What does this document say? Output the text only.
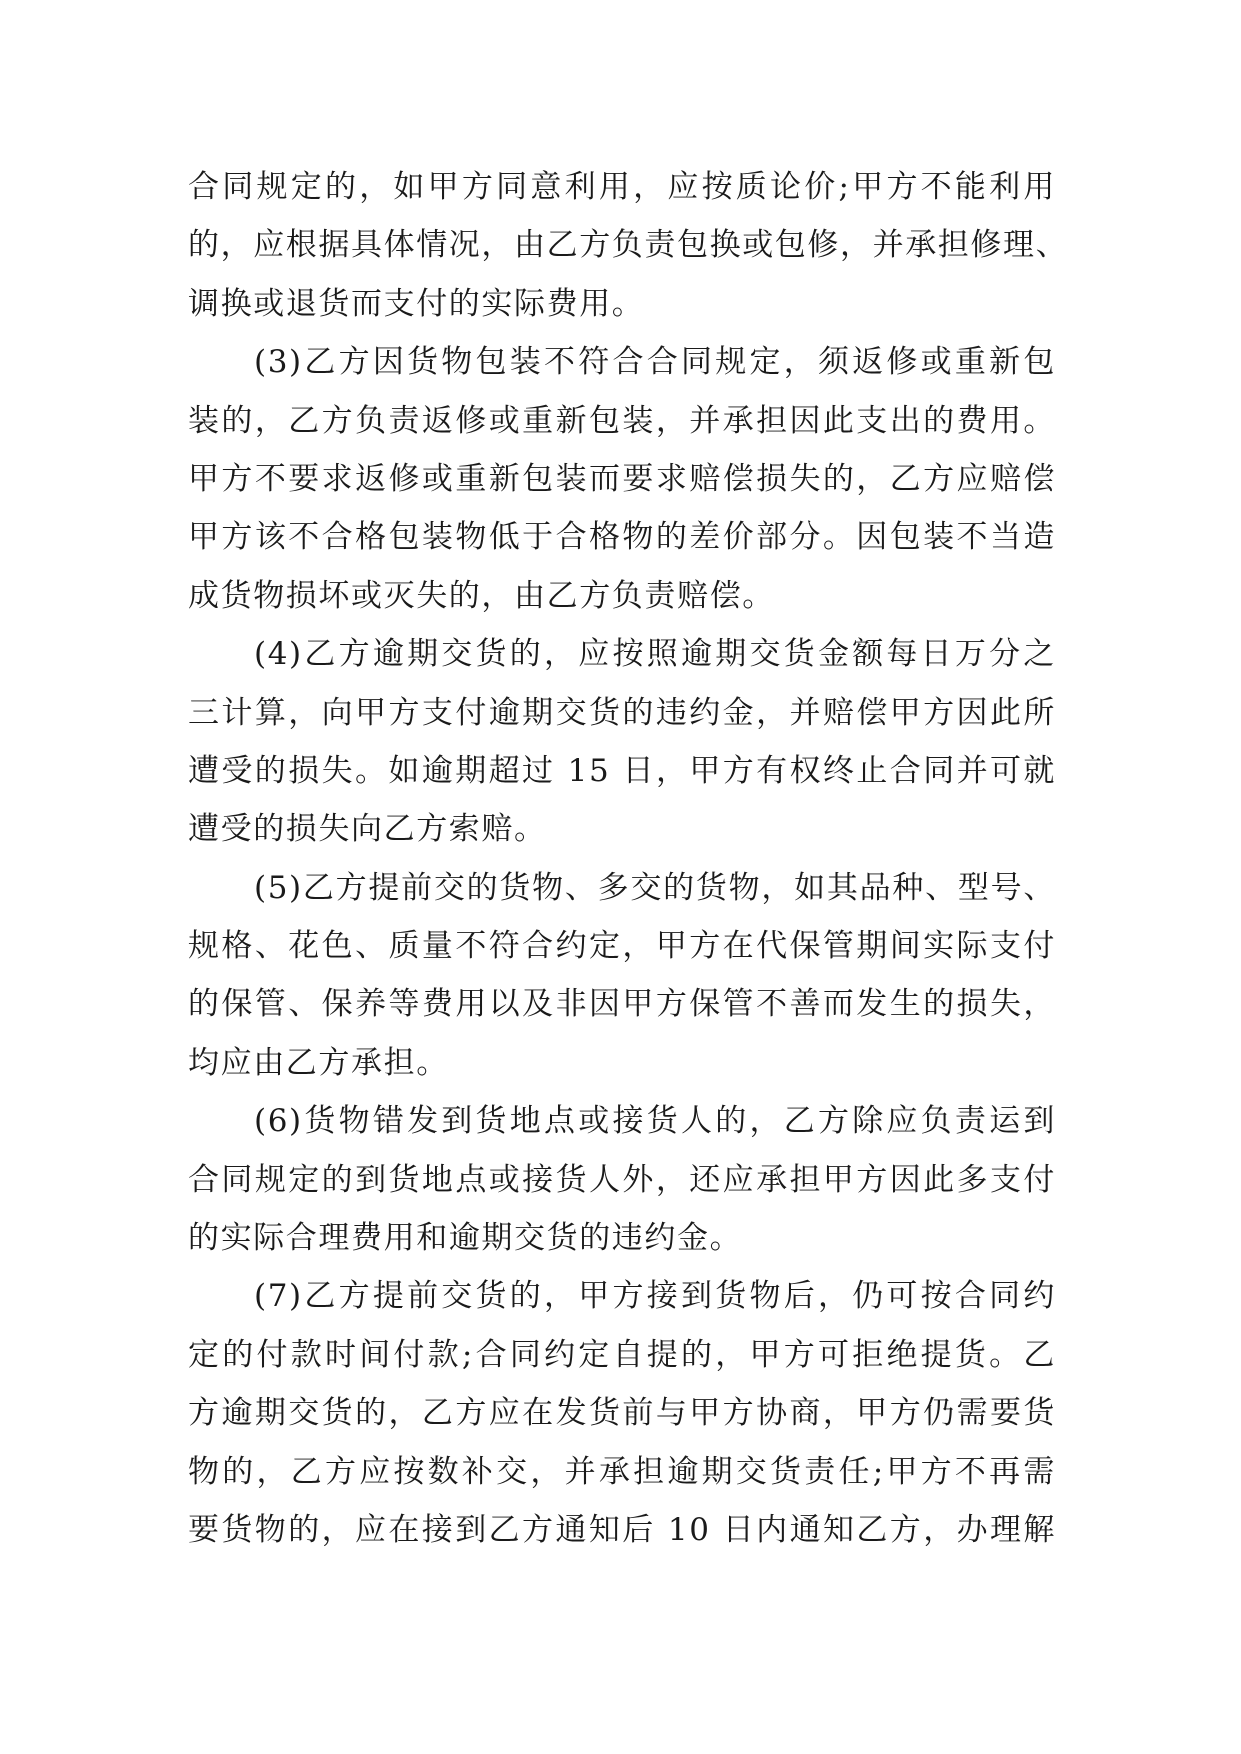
合同规定的，如甲方同意利用，应按质论价;甲方不能利用
的，应根据具体情况，由乙方负责包换或包修，并承担修理、
调换或退货而支付的实际费用。
(3)乙方因货物包装不符合合同规定，须返修或重新包
装的，乙方负责返修或重新包装，并承担因此支出的费用。
甲方不要求返修或重新包装而要求赔偿损失的，乙方应赔偿
甲方该不合格包装物低于合格物的差价部分。因包装不当造
成货物损坏或灭失的，由乙方负责赔偿。
(4)乙方逾期交货的，应按照逾期交货金额每日万分之
三计算，向甲方支付逾期交货的违约金，并赔偿甲方因此所
遭受的损失。如逾期超过 15 日，甲方有权终止合同并可就
遭受的损失向乙方索赔。
(5)乙方提前交的货物、多交的货物，如其品种、型号、
规格、花色、质量不符合约定，甲方在代保管期间实际支付
的保管、保养等费用以及非因甲方保管不善而发生的损失，
均应由乙方承担。
(6)货物错发到货地点或接货人的，乙方除应负责运到
合同规定的到货地点或接货人外，还应承担甲方因此多支付
的实际合理费用和逾期交货的违约金。
(7)乙方提前交货的，甲方接到货物后，仍可按合同约
定的付款时间付款;合同约定自提的，甲方可拒绝提货。乙
方逾期交货的，乙方应在发货前与甲方协商，甲方仍需要货
物的，乙方应按数补交，并承担逾期交货责任;甲方不再需
要货物的，应在接到乙方通知后 10 日内通知乙方，办理解
